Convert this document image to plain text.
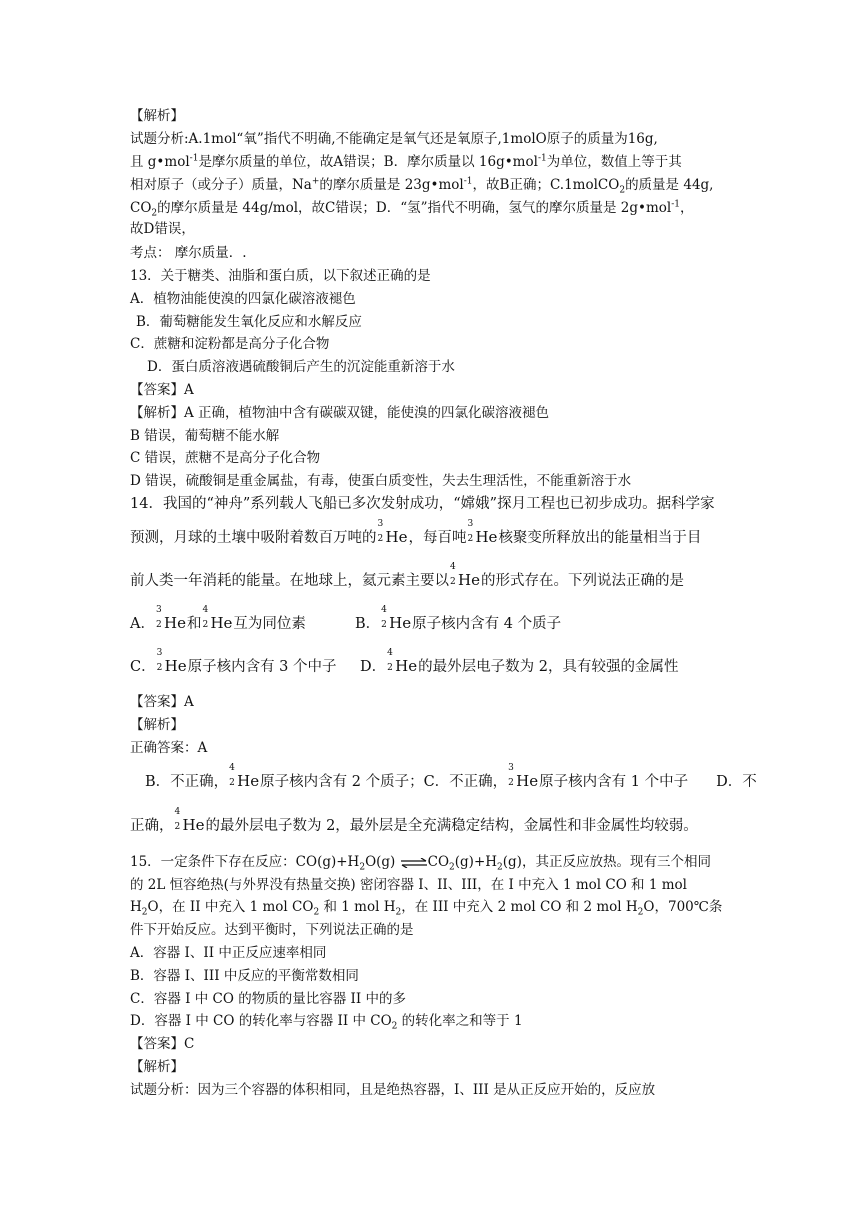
【解析】
试题分析:A.1mol“氧”指代不明确,不能确定是氧气还是氧原子,1molO原子的质量为16g,
且 g•mol$^{-1}$是摩尔质量的单位，故A错误；B．摩尔质量以 16g•mol$^{-1}$为单位，数值上等于其
相对原子（或分子）质量，Na+的摩尔质量是 23g•mol$^{-1}$，故B正确；C.1molCO$_2$的质量是 44g,
$CO_2$的摩尔质量是 44g/mol，故C错误；D．“氢”指代不明确，氢气的摩尔质量是 2g•mol$^{-1}$，
故D错误，
考点： 摩尔质量．.
13．关于糖类、油脂和蛋白质，以下叙述正确的是
A．植物油能使溴的四氯化碳溶液褪色
B．葡萄糖能发生氧化反应和水解反应
C．蔗糖和淀粉都是高分子化合物
D．蛋白质溶液遇硫酸铜后产生的沉淀能重新溶于水
【答案】A
【解析】A 正确，植物油中含有碳碳双键，能使溴的四氯化碳溶液褪色
B 错误，葡萄糖不能水解
C 错误，蔗糖不是高分子化合物
D 错误，硫酸铜是重金属盐，有毒，使蛋白质变性，失去生理活性，不能重新溶于水
14．我国的“神舟”系列载人飞船已多次发射成功，“嫦娥”探月工程也已初步成功。据科学家
预测，月球的土壤中吸附着数百万吨的
3
2 He，每百吨
3
2 He核聚变所释放出的能量相当于目
前人类一年消耗的能量。在地球上，氦元素主要以
4
2 He的形式存在。下列说法正确的是
A．
3
2 He和
4
2 He互为同位素	B．
4
2 He原子核内含有 4 个质子
C．
3
2 He原子核内含有 3 个中子 D．
4
2 He的最外层电子数为 2，具有较强的金属性
【答案】A
【解析】
正确答案：A
B．不正确，
4
2 He原子核内含有 2 个质子；C．不正确，
3
2 He原子核内含有 1 个中子 D．不
正确，
4
2 He的最外层电子数为 2，最外层是全充满稳定结构，金属性和非金属性均较弱。
15．一定条件下存在反应：$CO(g)+H_2O(g)$ $\rightleftharpoons CO_2(g)+H_2(g)$，其正反应放热。现有三个相同
的 2L 恒容绝热(与外界没有热量交换) 密闭容器 I、II、III，在 I 中充入 1 mol CO 和 1 mol
$H_2O$，在 II 中充入 1 mol $CO_2$ 和 1 mol $H_2$，在 III 中充入 2 mol CO 和 2 mol $H_2O$，700℃条
件下开始反应。达到平衡时，下列说法正确的是
A．容器 I、II 中正反应速率相同
B．容器 I、III 中反应的平衡常数相同
C．容器 I 中 CO 的物质的量比容器 II 中的多
D．容器 I 中 CO 的转化率与容器 II 中 $CO_2$ 的转化率之和等于 1
【答案】C
【解析】
试题分析：因为三个容器的体积相同，且是绝热容器，I、III 是从正反应开始的，反应放
